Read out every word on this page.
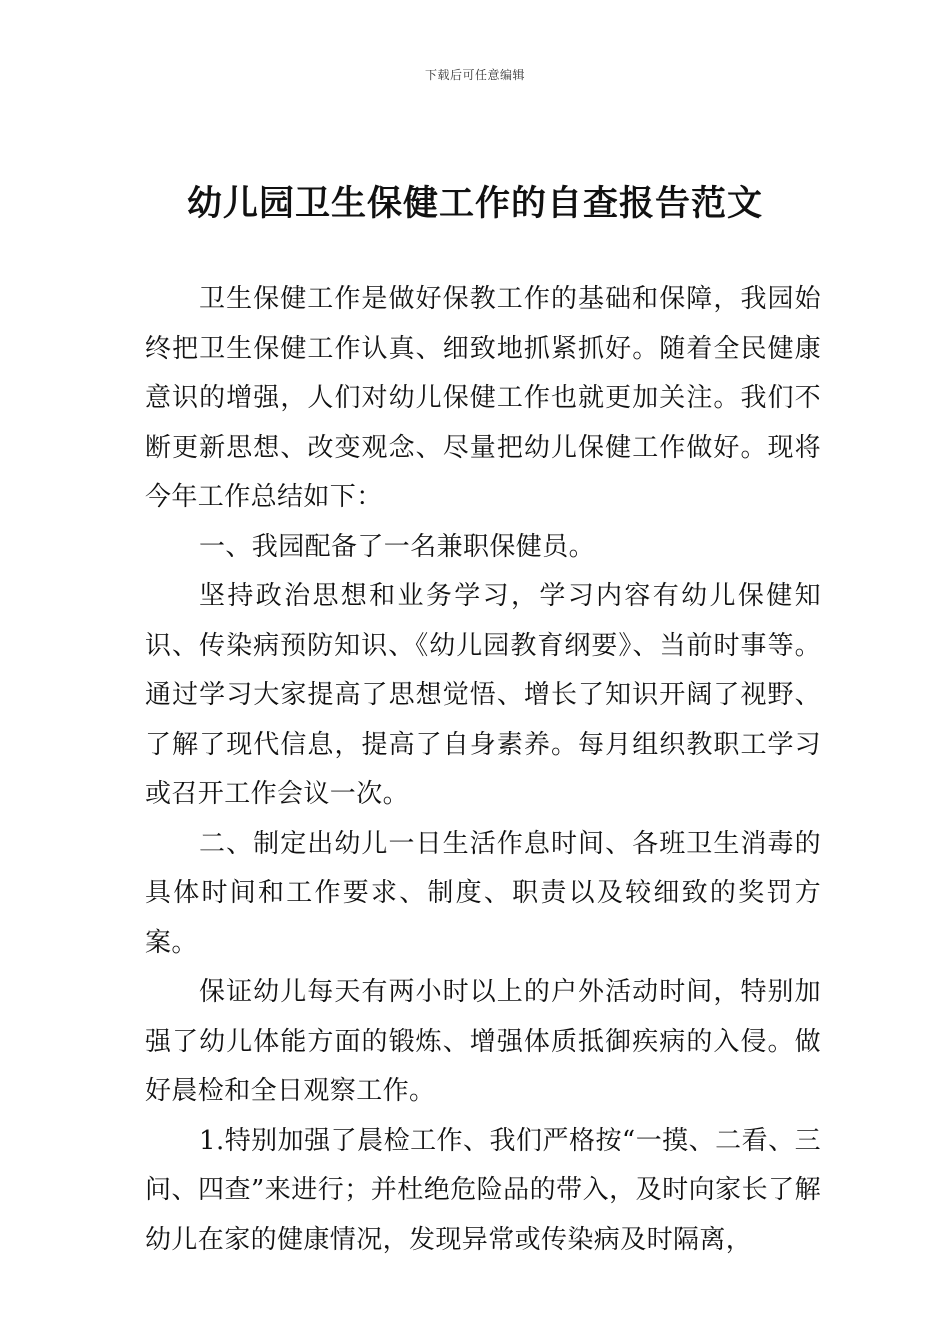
下载后可任意编辑
幼儿园卫生保健工作的自查报告范文

卫生保健工作是做好保教工作的基础和保障，我园始终把卫生保健工作认真、细致地抓紧抓好。随着全民健康意识的增强，人们对幼儿保健工作也就更加关注。我们不断更新思想、改变观念、尽量把幼儿保健工作做好。现将今年工作总结如下：

一、我园配备了一名兼职保健员。

坚持政治思想和业务学习，学习内容有幼儿保健知识、传染病预防知识、《幼儿园教育纲要》、当前时事等。通过学习大家提高了思想觉悟、增长了知识开阔了视野、了解了现代信息，提高了自身素养。每月组织教职工学习或召开工作会议一次。

二、制定出幼儿一日生活作息时间、各班卫生消毒的具体时间和工作要求、制度、职责以及较细致的奖罚方案。

保证幼儿每天有两小时以上的户外活动时间，特别加强了幼儿体能方面的锻炼、增强体质抵御疾病的入侵。做好晨检和全日观察工作。

1.特别加强了晨检工作、我们严格按“一摸、二看、三问、四查”来进行；并杜绝危险品的带入，及时向家长了解幼儿在家的健康情况，发现异常或传染病及时隔离，
